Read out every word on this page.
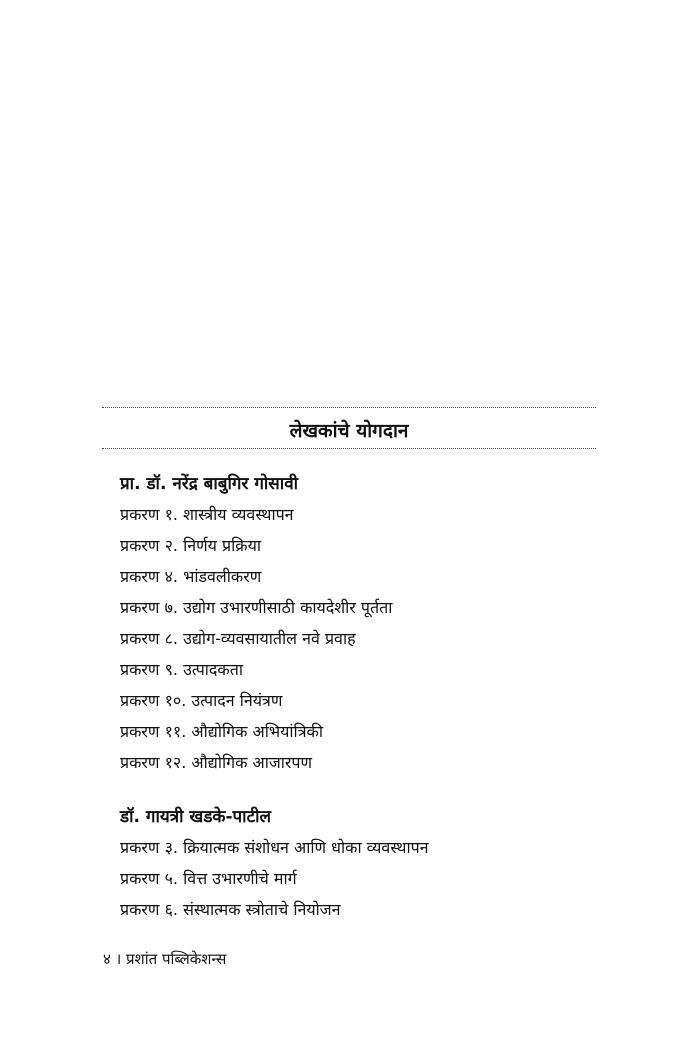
लेखकांचे योगदान

प्रा. डॉ. नरेंद्र बाबुगिर गोसावी

प्रकरण १. शास्त्रीय व्यवस्थापन
प्रकरण २. निर्णय प्रक्रिया
प्रकरण ४. भांडवलीकरण
प्रकरण ७. उद्योग उभारणीसाठी कायदेशीर पूर्तता
प्रकरण ८. उद्योग-व्यवसायातील नवे प्रवाह
प्रकरण ९. उत्पादकता
प्रकरण १०. उत्पादन नियंत्रण
प्रकरण ११. औद्योगिक अभियांत्रिकी
प्रकरण १२. औद्योगिक आजारपण

डॉ. गायत्री खडके-पाटील

प्रकरण ३. क्रियात्मक संशोधन आणि धोका व्यवस्थापन
प्रकरण ५. वित्त उभारणीचे मार्ग
प्रकरण ६. संस्थात्मक स्त्रोताचे नियोजन
४ । प्रशांत पब्लिकेशन्स
